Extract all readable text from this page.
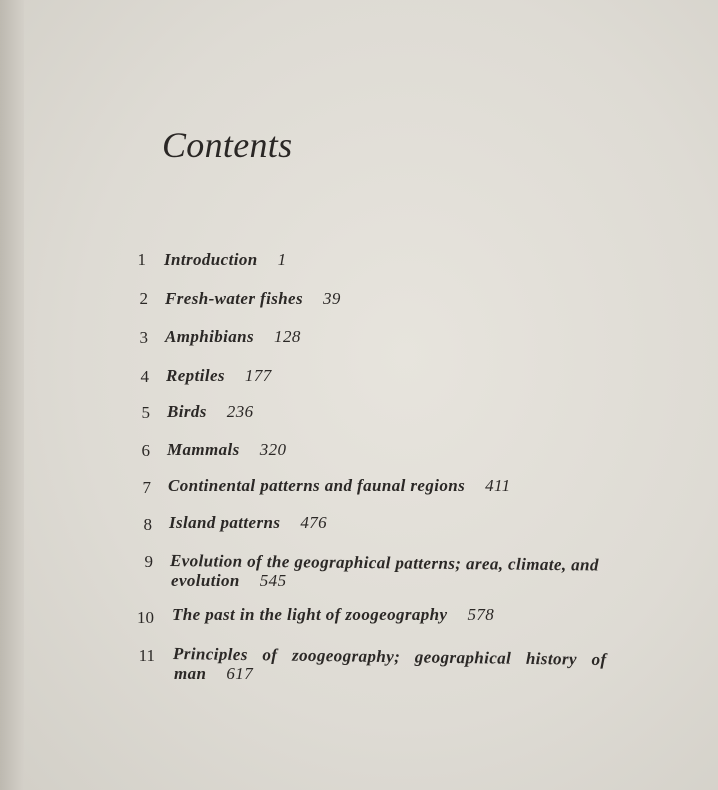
Contents
1 Introduction 1
2 Fresh-water fishes 39
3 Amphibians 128
4 Reptiles 177
5 Birds 236
6 Mammals 320
7 Continental patterns and faunal regions 411
8 Island patterns 476
9 Evolution of the geographical patterns; area, climate, and
evolution 545
10 The past in the light of zoogeography 578
11 Principles of zoogeography; geographical history of
man 617
